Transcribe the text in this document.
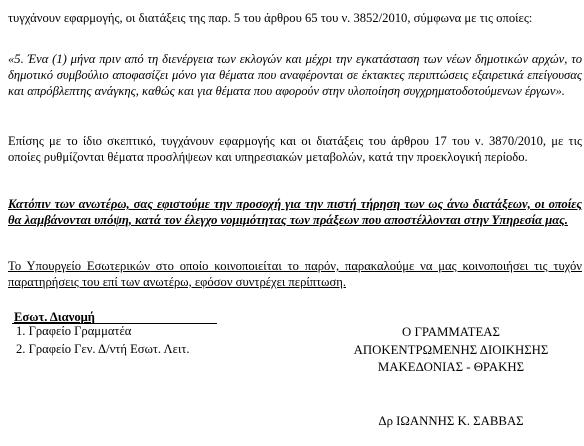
τυγχάνουν εφαρμογής, οι διατάξεις της παρ. 5 του άρθρου 65 του ν. 3852/2010, σύμφωνα με τις οποίες:

«5. Ένα (1) μήνα πριν από τη διενέργεια των εκλογών και μέχρι την εγκατάσταση των νέων δημοτικών αρχών, το δημοτικό συμβούλιο αποφασίζει μόνο για θέματα που αναφέρονται σε έκτακτες περιπτώσεις εξαιρετικά επείγουσας και απρόβλεπτης ανάγκης, καθώς και για θέματα που αφορούν στην υλοποίηση συγχρηματοδοτούμενων έργων».

Επίσης με το ίδιο σκεπτικό, τυγχάνουν εφαρμογής και οι διατάξεις του άρθρου 17 του ν. 3870/2010, με τις οποίες ρυθμίζονται θέματα προσλήψεων και υπηρεσιακών μεταβολών, κατά την προεκλογική περίοδο.

Κατόπιν των ανωτέρω, σας εφιστούμε την προσοχή για την πιστή τήρηση των ως άνω διατάξεων, οι οποίες θα λαμβάνονται υπόψη, κατά τον έλεγχο νομιμότητας των πράξεων που αποστέλλονται στην Υπηρεσία μας.

Το Υπουργείο Εσωτερικών στο οποίο κοινοποιείται το παρόν, παρακαλούμε να μας κοινοποιήσει τις τυχόν παρατηρήσεις του επί των ανωτέρω, εφόσον συντρέχει περίπτωση.

Εσωτ. Διανομή
1. Γραφείο Γραμματέα
2. Γραφείο Γεν. Δ/ντή Εσωτ. Λειτ.
Ο ΓΡΑΜΜΑΤΕΑΣ
ΑΠΟΚΕΝΤΡΩΜΕΝΗΣ ΔΙΟΙΚΗΣΗΣ
ΜΑΚΕΔΟΝΙΑΣ - ΘΡΑΚΗΣ
Δρ ΙΩΑΝΝΗΣ Κ. ΣΑΒΒΑΣ
